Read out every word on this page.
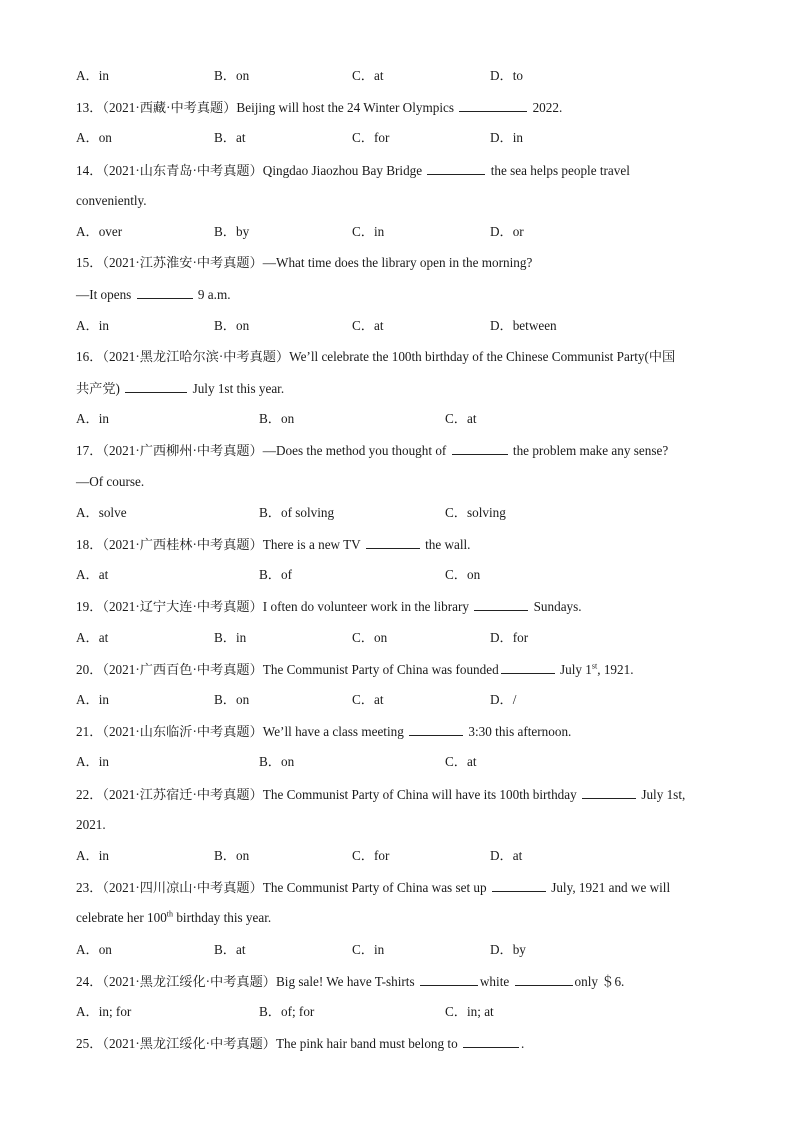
A．in	B．on	C．at	D．to
13．（2021·西藏·中考真题）Beijing will host the 24 Winter Olympics	2022.
A．on	B．at	C．for	D．in
14．（2021·山东青岛·中考真题）Qingdao Jiaozhou Bay Bridge	the sea helps people travel
conveniently.
A．over	B．by	C．in	D．or
15．（2021·江苏淮安·中考真题）—What time does the library open in the morning?
—It opens	9 a.m.
A．in	B．on	C．at	D．between
16．（2021·黑龙江哈尔滨·中考真题）We’ll celebrate the 100th birthday of the Chinese Communist Party(中国
共产党)	July 1st this year.
A．in	B．on	C．at
17．（2021·广西柳州·中考真题）—Does the method you thought of	the problem make any sense?
—Of course.
A．solve	B．of solving	C．solving
18．（2021·广西桂林·中考真题）There is a new TV	the wall.
A．at	B．of	C．on
19．（2021·辽宁大连·中考真题）I often do volunteer work in the library	Sundays.
A．at	B．in	C．on	D．for
20．（2021·广西百色·中考真题）The Communist Party of China was founded	July 1st, 1921.
A．in	B．on	C．at	D．/
21．（2021·山东临沂·中考真题）We’ll have a class meeting	3:30 this afternoon.
A．in	B．on	C．at
22．（2021·江苏宿迁·中考真题）The Communist Party of China will have its 100th birthday	July 1st,
2021.
A．in	B．on	C．for	D．at
23．（2021·四川凉山·中考真题）The Communist Party of China was set up	July, 1921 and we will
celebrate her 100th birthday this year.
A．on	B．at	C．in	D．by
24．（2021·黑龙江绥化·中考真题）Big sale! We have T-shirts	white	only ＄6.
A．in; for	B．of; for	C．in; at
25．（2021·黑龙江绥化·中考真题）The pink hair band must belong to	.
